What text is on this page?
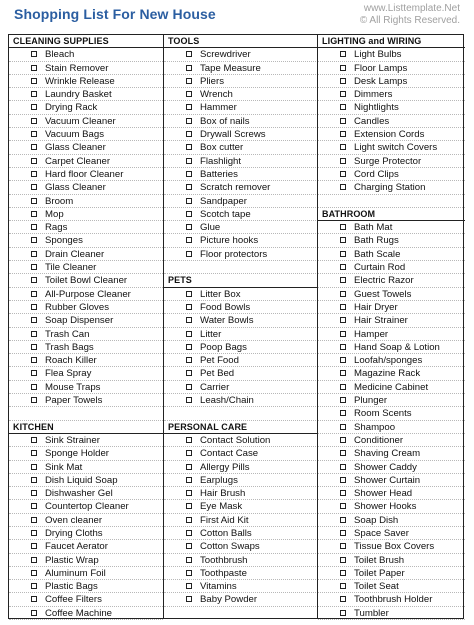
Shopping List For New House	www.Listtemplate.Net
© All Rights Reserved.
CLEANING SUPPLIES
Bleach
Stain Remover
Wrinkle Release
Laundry Basket
Drying Rack
Vacuum Cleaner
Vacuum Bags
Glass Cleaner
Carpet Cleaner
Hard floor Cleaner
Glass Cleaner
Broom
Mop
Rags
Sponges
Drain Cleaner
Tile Cleaner
Toilet Bowl Cleaner
All-Purpose Cleaner
Rubber Gloves
Soap Dispenser
Trash Can
Trash Bags
Roach Killer
Flea Spray
Mouse Traps
Paper Towels
KITCHEN
Sink Strainer
Sponge Holder
Sink Mat
Dish Liquid Soap
Dishwasher Gel
Countertop Cleaner
Oven cleaner
Drying Cloths
Faucet Aerator
Plastic Wrap
Aluminum Foil
Plastic Bags
Coffee Filters
Coffee Machine
TOOLS
Screwdriver
Tape Measure
Pliers
Wrench
Hammer
Box of nails
Drywall Screws
Box cutter
Flashlight
Batteries
Scratch remover
Sandpaper
Scotch tape
Glue
Picture hooks
Floor protectors
PETS
Litter Box
Food Bowls
Water Bowls
Litter
Poop Bags
Pet Food
Pet Bed
Carrier
Leash/Chain
PERSONAL CARE
Contact Solution
Contact Case
Allergy Pills
Earplugs
Hair Brush
Eye Mask
First Aid Kit
Cotton Balls
Cotton Swaps
Toothbrush
Toothpaste
Vitamins
Baby Powder
LIGHTING and WIRING
Light Bulbs
Floor Lamps
Desk Lamps
Dimmers
Nightlights
Candles
Extension Cords
Light switch Covers
Surge Protector
Cord Clips
Charging Station
BATHROOM
Bath Mat
Bath Rugs
Bath Scale
Curtain Rod
Electric Razor
Guest Towels
Hair Dryer
Hair Strainer
Hamper
Hand Soap & Lotion
Loofah/sponges
Magazine Rack
Medicine Cabinet
Plunger
Room Scents
Shampoo
Conditioner
Shaving Cream
Shower Caddy
Shower Curtain
Shower Head
Shower Hooks
Soap Dish
Space Saver
Tissue Box Covers
Toilet Brush
Toilet Paper
Toilet Seat
Toothbrush Holder
Tumbler
